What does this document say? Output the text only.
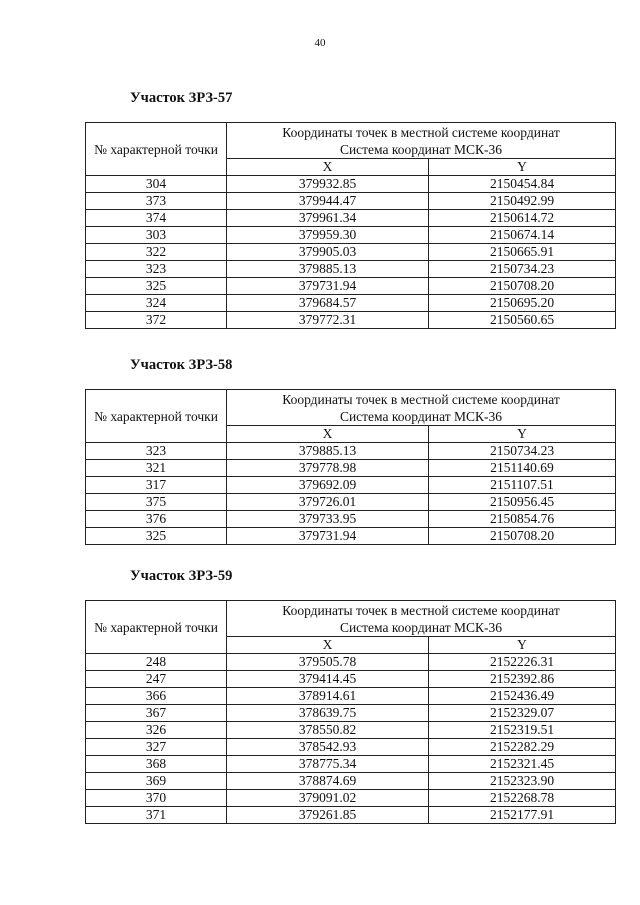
40
Участок ЗРЗ-57
№ характерной точки	Координаты точек в местной системе координат
Система координат МСК-36	
	X	Y
304	379932.85	2150454.84
373	379944.47	2150492.99
374	379961.34	2150614.72
303	379959.30	2150674.14
322	379905.03	2150665.91
323	379885.13	2150734.23
325	379731.94	2150708.20
324	379684.57	2150695.20
372	379772.31	2150560.65
Участок ЗРЗ-58
№ характерной точки	Координаты точек в местной системе координат
Система координат МСК-36	
	X	Y
323	379885.13	2150734.23
321	379778.98	2151140.69
317	379692.09	2151107.51
375	379726.01	2150956.45
376	379733.95	2150854.76
325	379731.94	2150708.20
Участок ЗРЗ-59
№ характерной точки	Координаты точек в местной системе координат
Система координат МСК-36	
	X	Y
248	379505.78	2152226.31
247	379414.45	2152392.86
366	378914.61	2152436.49
367	378639.75	2152329.07
326	378550.82	2152319.51
327	378542.93	2152282.29
368	378775.34	2152321.45
369	378874.69	2152323.90
370	379091.02	2152268.78
371	379261.85	2152177.91
